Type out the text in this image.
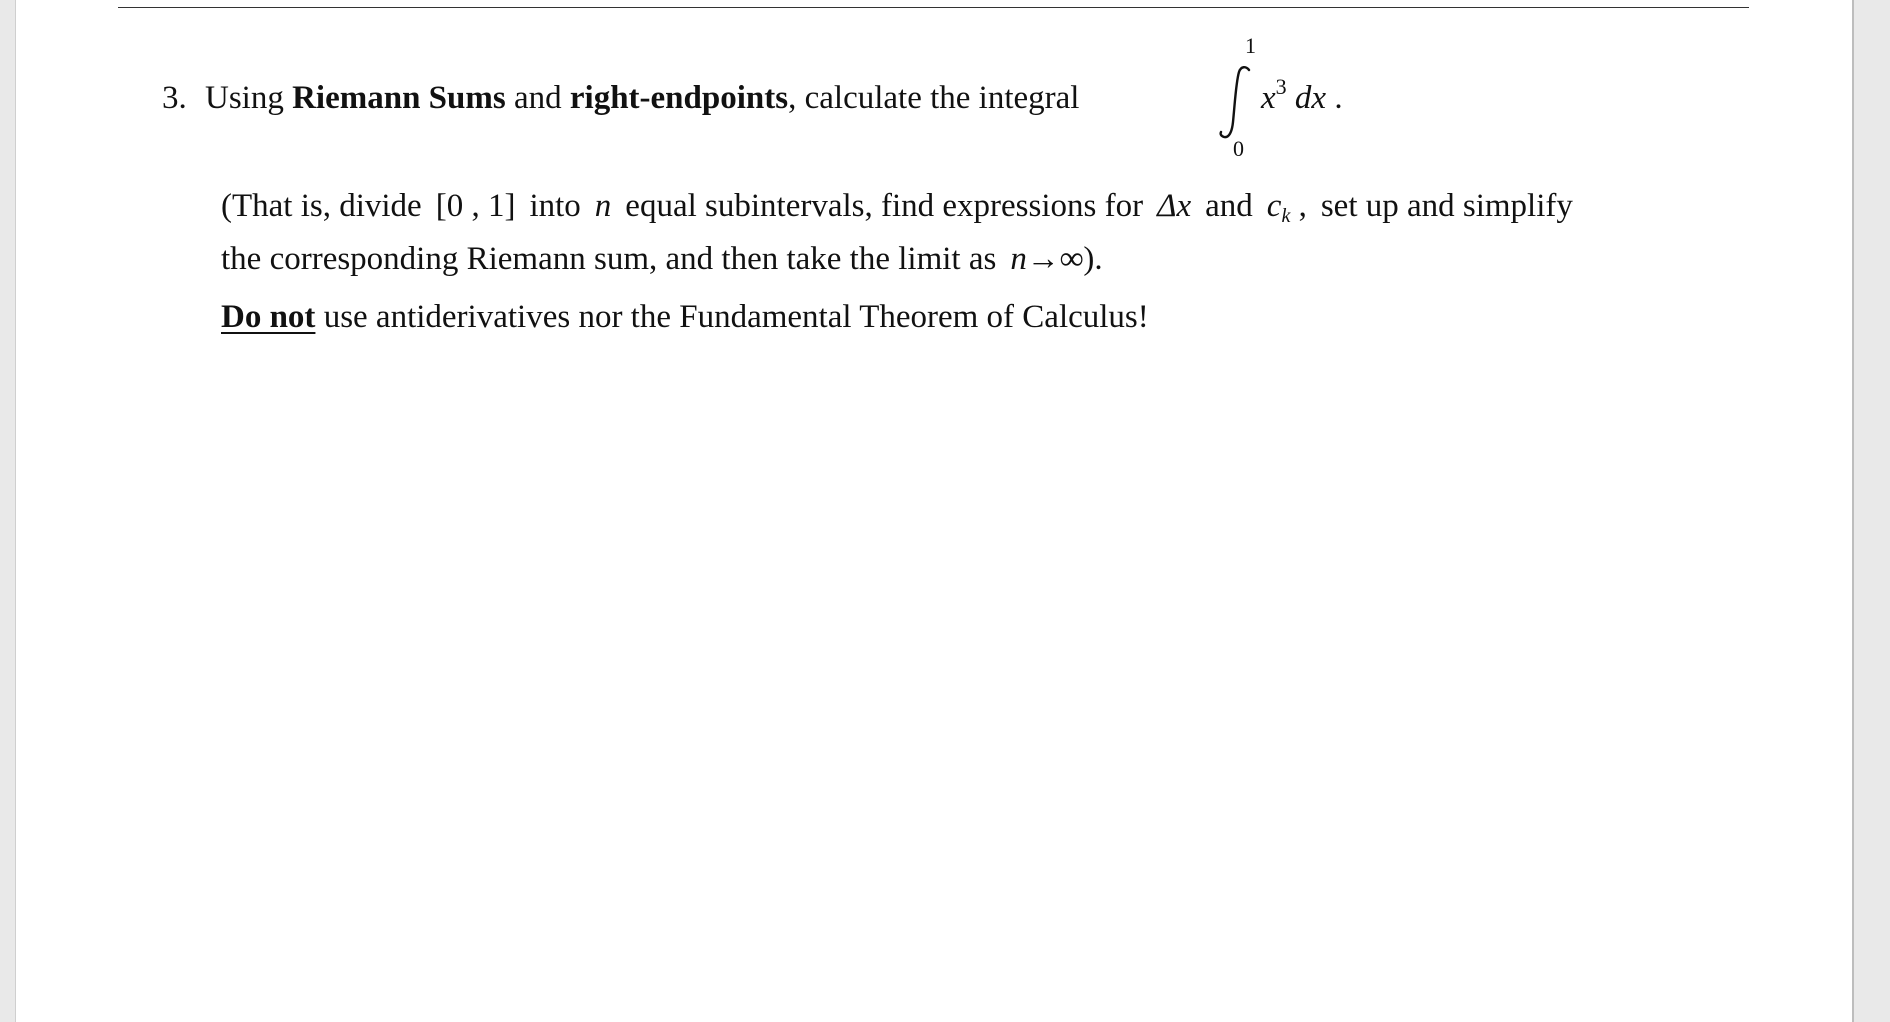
3. Using Riemann Sums and right-endpoints, calculate the integral
1
0
$x^3$ dx .
(That is, divide [0 , 1] into n equal subintervals, find expressions for Δx and ck , set up and simplify
the corresponding Riemann sum, and then take the limit as n→∞).
Do not use antiderivatives nor the Fundamental Theorem of Calculus!
